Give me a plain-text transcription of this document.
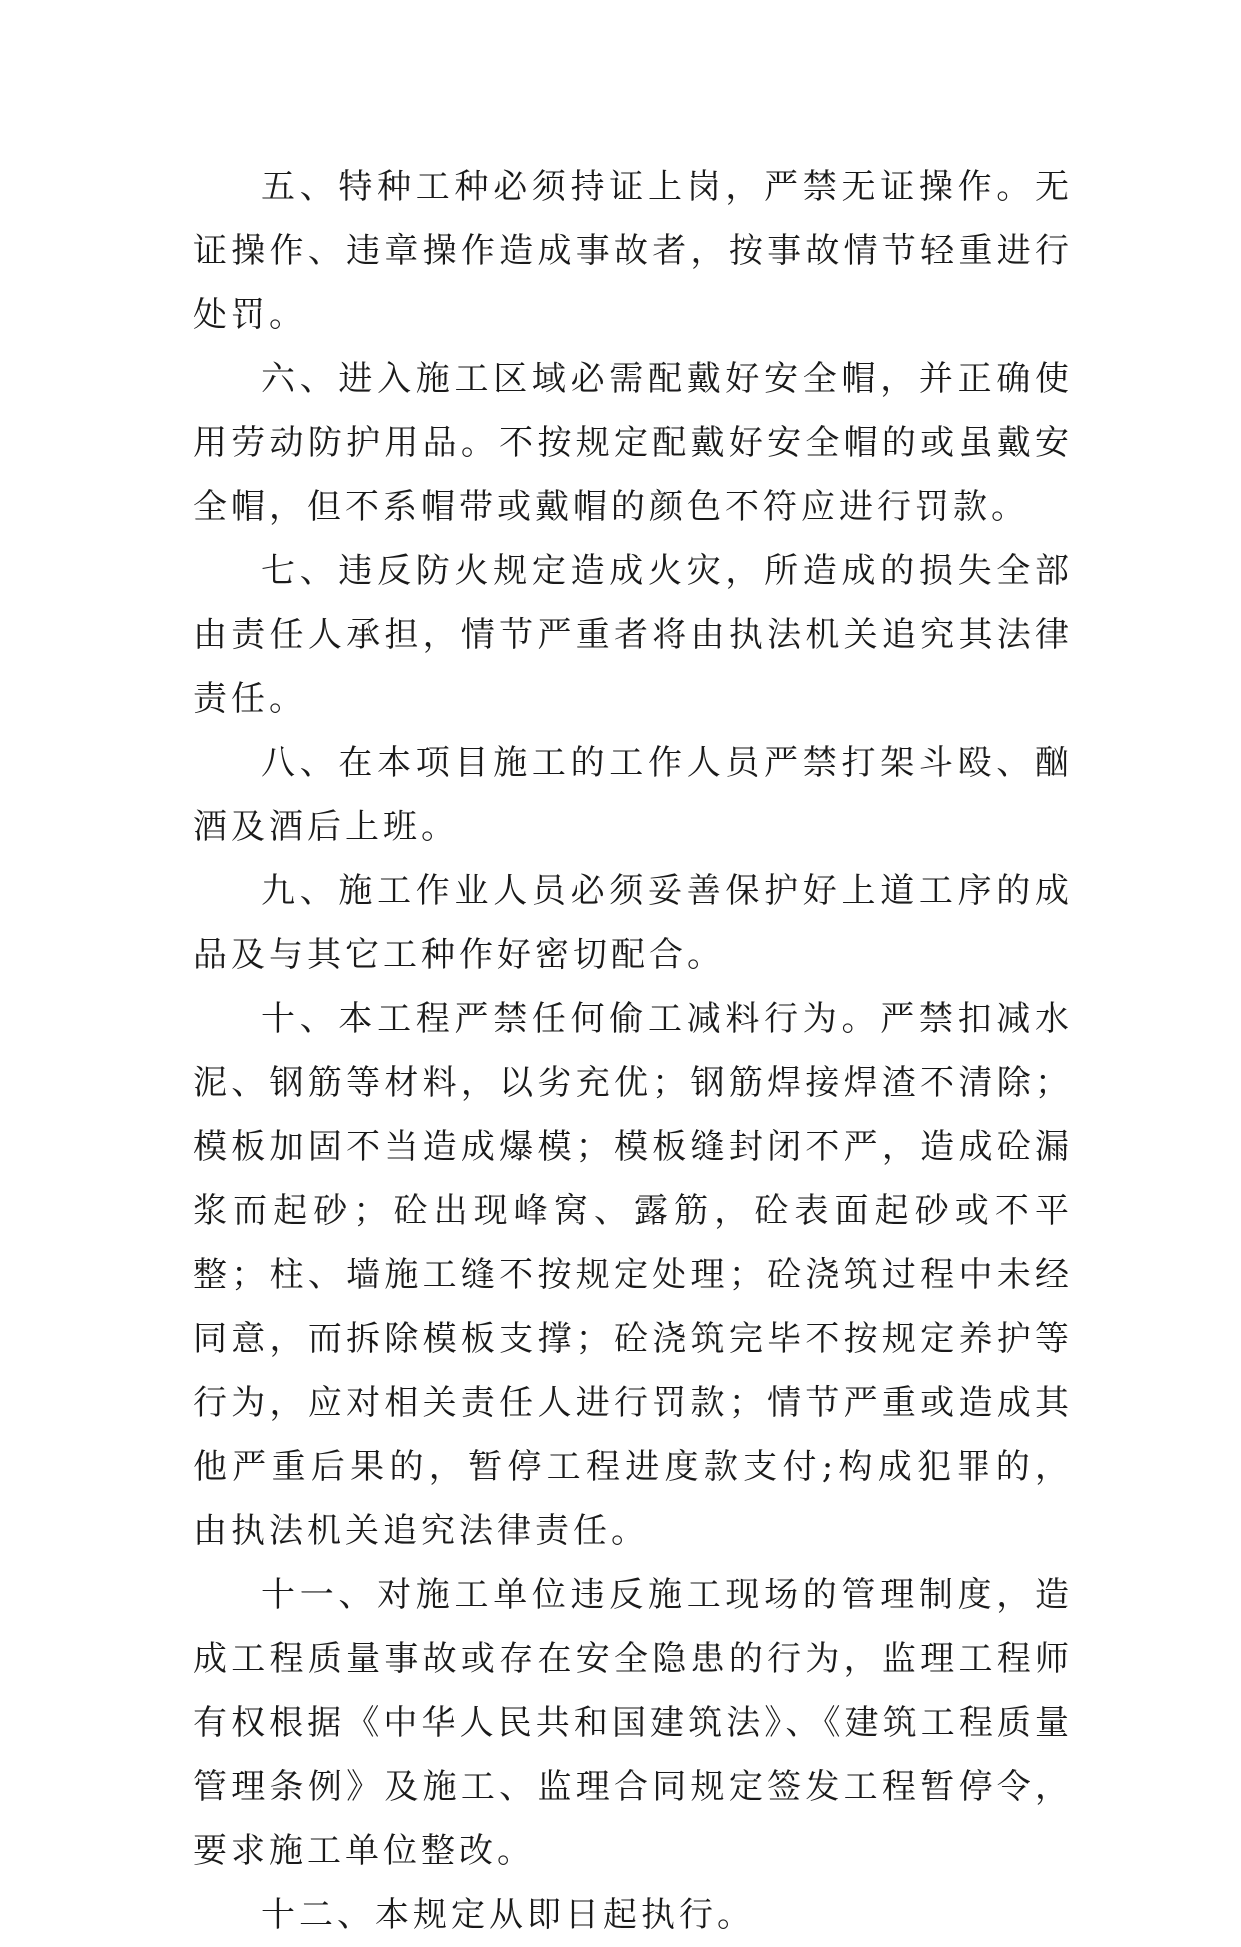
五、特种工种必须持证上岗，严禁无证操作。无证操作、违章操作造成事故者，按事故情节轻重进行处罚。

六、进入施工区域必需配戴好安全帽，并正确使用劳动防护用品。不按规定配戴好安全帽的或虽戴安全帽，但不系帽带或戴帽的颜色不符应进行罚款。

七、违反防火规定造成火灾，所造成的损失全部由责任人承担，情节严重者将由执法机关追究其法律责任。

八、在本项目施工的工作人员严禁打架斗殴、酗酒及酒后上班。

九、施工作业人员必须妥善保护好上道工序的成品及与其它工种作好密切配合。

十、本工程严禁任何偷工减料行为。严禁扣减水泥、钢筋等材料，以劣充优；钢筋焊接焊渣不清除；模板加固不当造成爆模；模板缝封闭不严，造成砼漏浆而起砂；砼出现峰窝、露筋，砼表面起砂或不平整；柱、墙施工缝不按规定处理；砼浇筑过程中未经同意，而拆除模板支撑；砼浇筑完毕不按规定养护等行为，应对相关责任人进行罚款；情节严重或造成其他严重后果的，暂停工程进度款支付;构成犯罪的，由执法机关追究法律责任。

十一、对施工单位违反施工现场的管理制度，造成工程质量事故或存在安全隐患的行为，监理工程师有权根据《中华人民共和国建筑法》、《建筑工程质量管理条例》及施工、监理合同规定签发工程暂停令，要求施工单位整改。

十二、本规定从即日起执行。
